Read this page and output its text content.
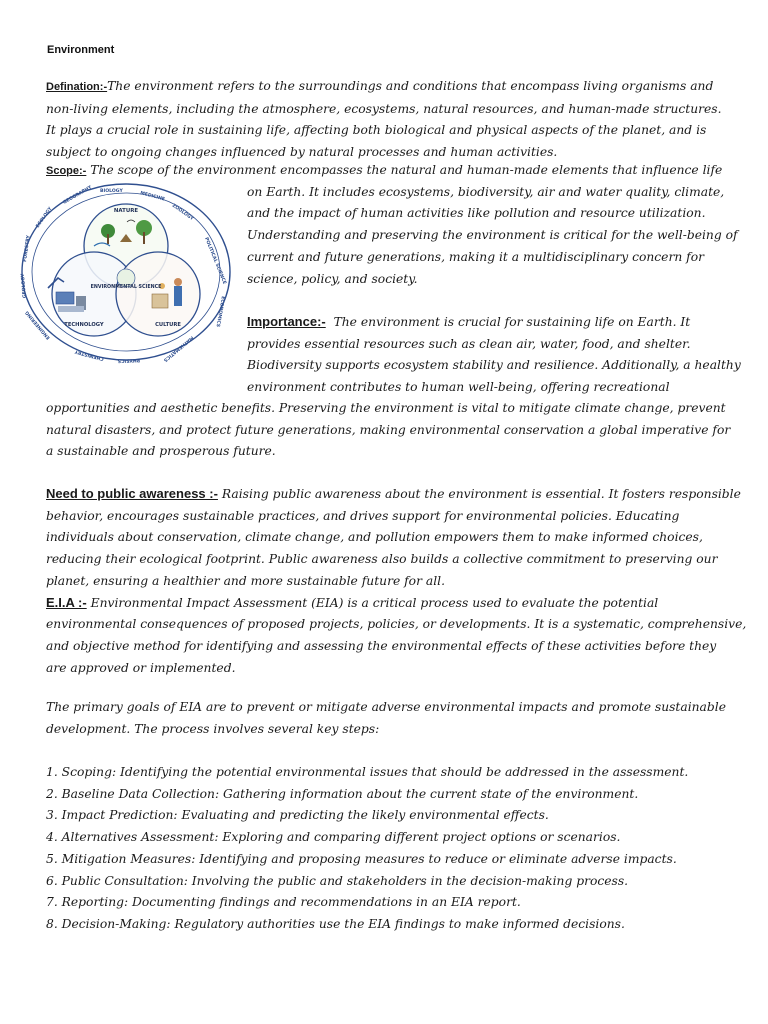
Environment
Defination:-The environment refers to the surroundings and conditions that encompass living organisms and
non-living elements, including the atmosphere, ecosystems, natural resources, and human-made structures.
It plays a crucial role in sustaining life, affecting both biological and physical aspects of the planet, and is
subject to ongoing changes influenced by natural processes and human activities.
Scope:- The scope of the environment encompasses the natural and human-made elements that influence life
on Earth. It includes ecosystems, biodiversity, air and water quality, climate,
and the impact of human activities like pollution and resource utilization.
Understanding and preserving the environment is critical for the well-being of
current and future generations, making it a multidisciplinary concern for
science, policy, and society.
BIOLOGY	MEDICINE
ZOOLOGY
POLITICAL SCIENCE
ECONOMICS
MATHEMATICS
PHYSICS
CHEMISTRY
ENGINEERING
GEOLOGY
FORESTRY
ECOLOGY
GEOGRAPHY
NATURE
ENVIRONMENTAL SCIENCE
TECHNOLOGY	CULTURE	Importance:- The environment is crucial for sustaining life on Earth. It
provides essential resources such as clean air, water, food, and shelter.
Biodiversity supports ecosystem stability and resilience. Additionally, a healthy
environment contributes to human well-being, offering recreational
opportunities and aesthetic benefits. Preserving the environment is vital to mitigate climate change, prevent
natural disasters, and protect future generations, making environmental conservation a global imperative for
a sustainable and prosperous future.
Need to public awareness :- Raising public awareness about the environment is essential. It fosters responsible
behavior, encourages sustainable practices, and drives support for environmental policies. Educating
individuals about conservation, climate change, and pollution empowers them to make informed choices,
reducing their ecological footprint. Public awareness also builds a collective commitment to preserving our
planet, ensuring a healthier and more sustainable future for all.
E.I.A :- Environmental Impact Assessment (EIA) is a critical process used to evaluate the potential
environmental consequences of proposed projects, policies, or developments. It is a systematic, comprehensive,
and objective method for identifying and assessing the environmental effects of these activities before they
are approved or implemented.
The primary goals of EIA are to prevent or mitigate adverse environmental impacts and promote sustainable
development. The process involves several key steps:
1. Scoping: Identifying the potential environmental issues that should be addressed in the assessment.
2. Baseline Data Collection: Gathering information about the current state of the environment.
3. Impact Prediction: Evaluating and predicting the likely environmental effects.
4. Alternatives Assessment: Exploring and comparing different project options or scenarios.
5. Mitigation Measures: Identifying and proposing measures to reduce or eliminate adverse impacts.
6. Public Consultation: Involving the public and stakeholders in the decision-making process.
7. Reporting: Documenting findings and recommendations in an EIA report.
8. Decision-Making: Regulatory authorities use the EIA findings to make informed decisions.
